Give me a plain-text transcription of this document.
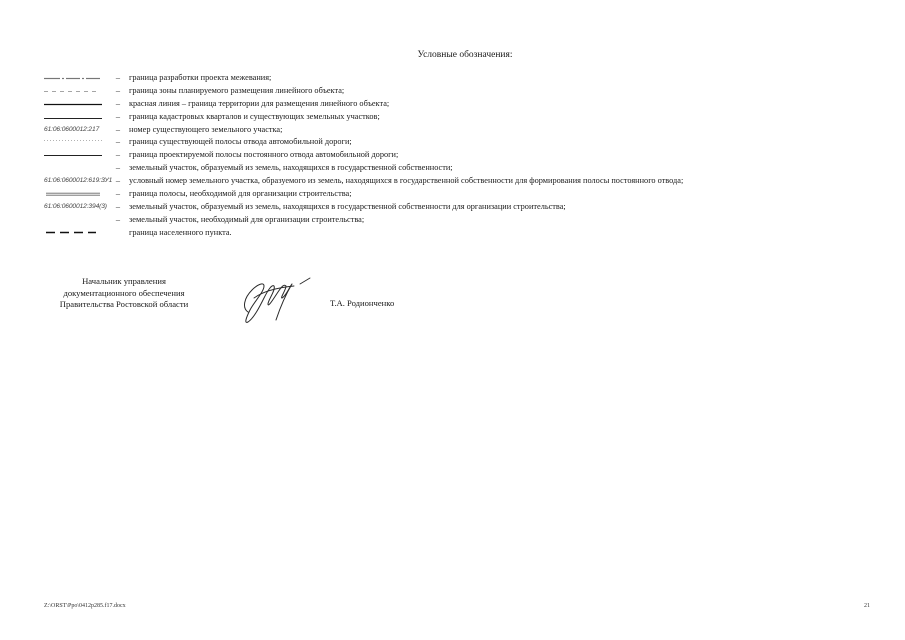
Условные обозначения:
– граница разработки проекта межевания;
– граница зоны планируемого размещения линейного объекта;
– красная линия – граница территории для размещения линейного объекта;
– граница кадастровых кварталов и существующих земельных участков;
61:06:0600012:217	– номер существующего земельного участка;
– граница существующей полосы отвода автомобильной дороги;
– граница проектируемой полосы постоянного отвода автомобильной дороги;
– земельный участок, образуемый из земель, находящихся в государственной собственности;
61:06:0600012:619:ЗУ1 – условный номер земельного участка, образуемого из земель, находящихся в государственной собственности для формирования полосы постоянного отвода;
– граница полосы, необходимой для организации строительства;
61:06:0600012:394(3)	– земельный участок, образуемый из земель, находящихся в государственной собственности для организации строительства;
– земельный участок, необходимый для организации строительства;
граница населенного пункта.
Начальник управления
документационного обеспечения
Правительства Ростовской области	Т.А. Родионченко
Z:\ORST\Ppo\0412p285.f17.docx	21
